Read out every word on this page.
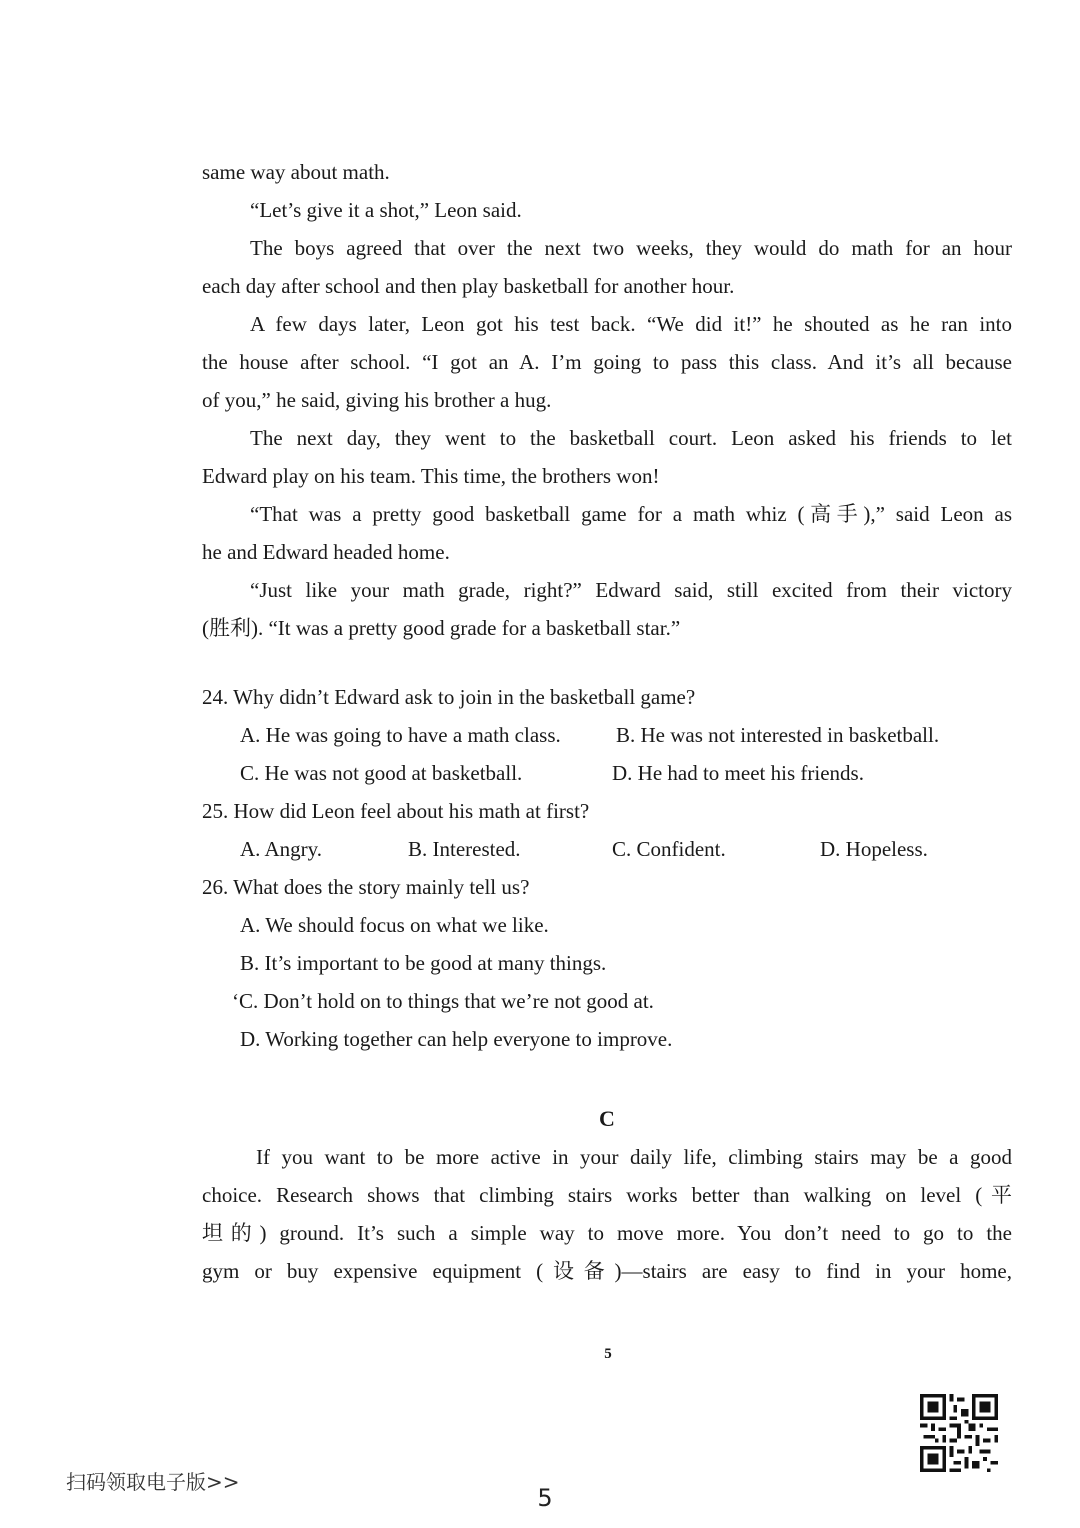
same way about math.
“Let’s give it a shot,” Leon said.
The boys agreed that over the next two weeks, they would do math for an hour
each day after school and then play basketball for another hour.
A few days later, Leon got his test back. “We did it!” he shouted as he ran into
the house after school. “I got an A. I’m going to pass this class. And it’s all because
of you,” he said, giving his brother a hug.
The next day, they went to the basketball court. Leon asked his friends to let
Edward play on his team. This time, the brothers won!
“That was a pretty good basketball game for a math whiz (高手),” said Leon as
he and Edward headed home.
“Just like your math grade, right?” Edward said, still excited from their victory
(胜利). “It was a pretty good grade for a basketball star.”
24. Why didn’t Edward ask to join in the basketball game?
A. He was going to have a math class.	B. He was not interested in basketball.
C. He was not good at basketball.	D. He had to meet his friends.
25. How did Leon feel about his math at first?
A. Angry.	B. Interested.	C. Confident.	D. Hopeless.
26. What does the story mainly tell us?
A. We should focus on what we like.
B. It’s important to be good at many things.
‘C. Don’t hold on to things that we’re not good at.
D. Working together can help everyone to improve.
C
If you want to be more active in your daily life, climbing stairs may be a good
choice. Research shows that climbing stairs works better than walking on level (平
坦的) ground. It’s such a simple way to move more. You don’t need to go to the
gym or buy expensive equipment (设备)—stairs are easy to find in your home,
5
扫码领取电子版>>
5
